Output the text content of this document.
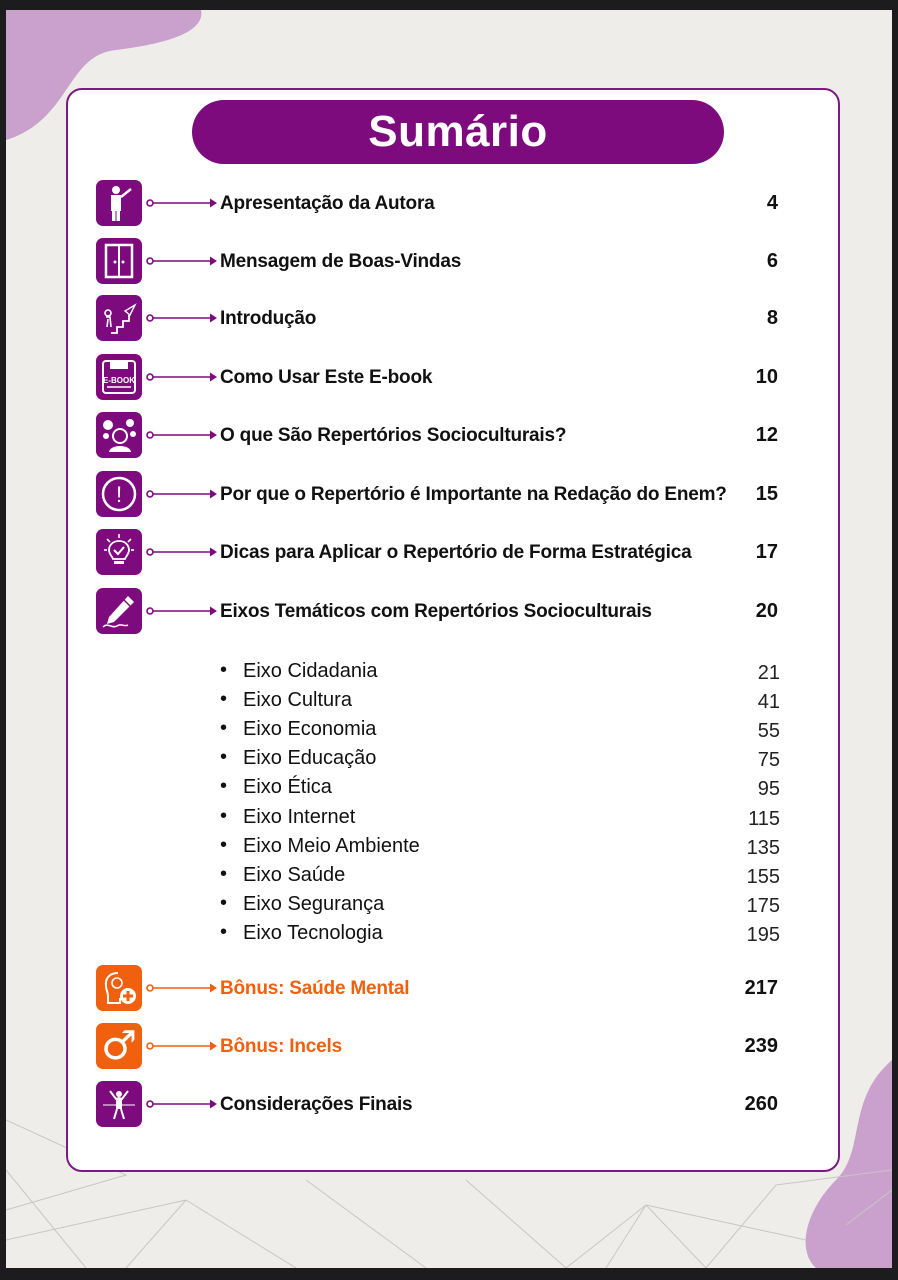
Sumário
Apresentação da Autora	4
Mensagem de Boas-Vindas	6
Introdução	8
E-BOOK	Como Usar Este E-book	10
O que São Repertórios Socioculturais?	12
!	Por que o Repertório é Importante na Redação do Enem? 15
Dicas para Aplicar o Repertório de Forma Estratégica	17
Eixos Temáticos com Repertórios Socioculturais	20
• Eixo Cidadania	21
• Eixo Cultura	41
• Eixo Economia	55
• Eixo Educação	75
• Eixo Ética	95
• Eixo Internet	115
• Eixo Meio Ambiente	135
• Eixo Saúde	155
• Eixo Segurança	175
• Eixo Tecnologia	195
Bônus: Saúde Mental	217
♂	Bônus: Incels	239
Considerações Finais	260
